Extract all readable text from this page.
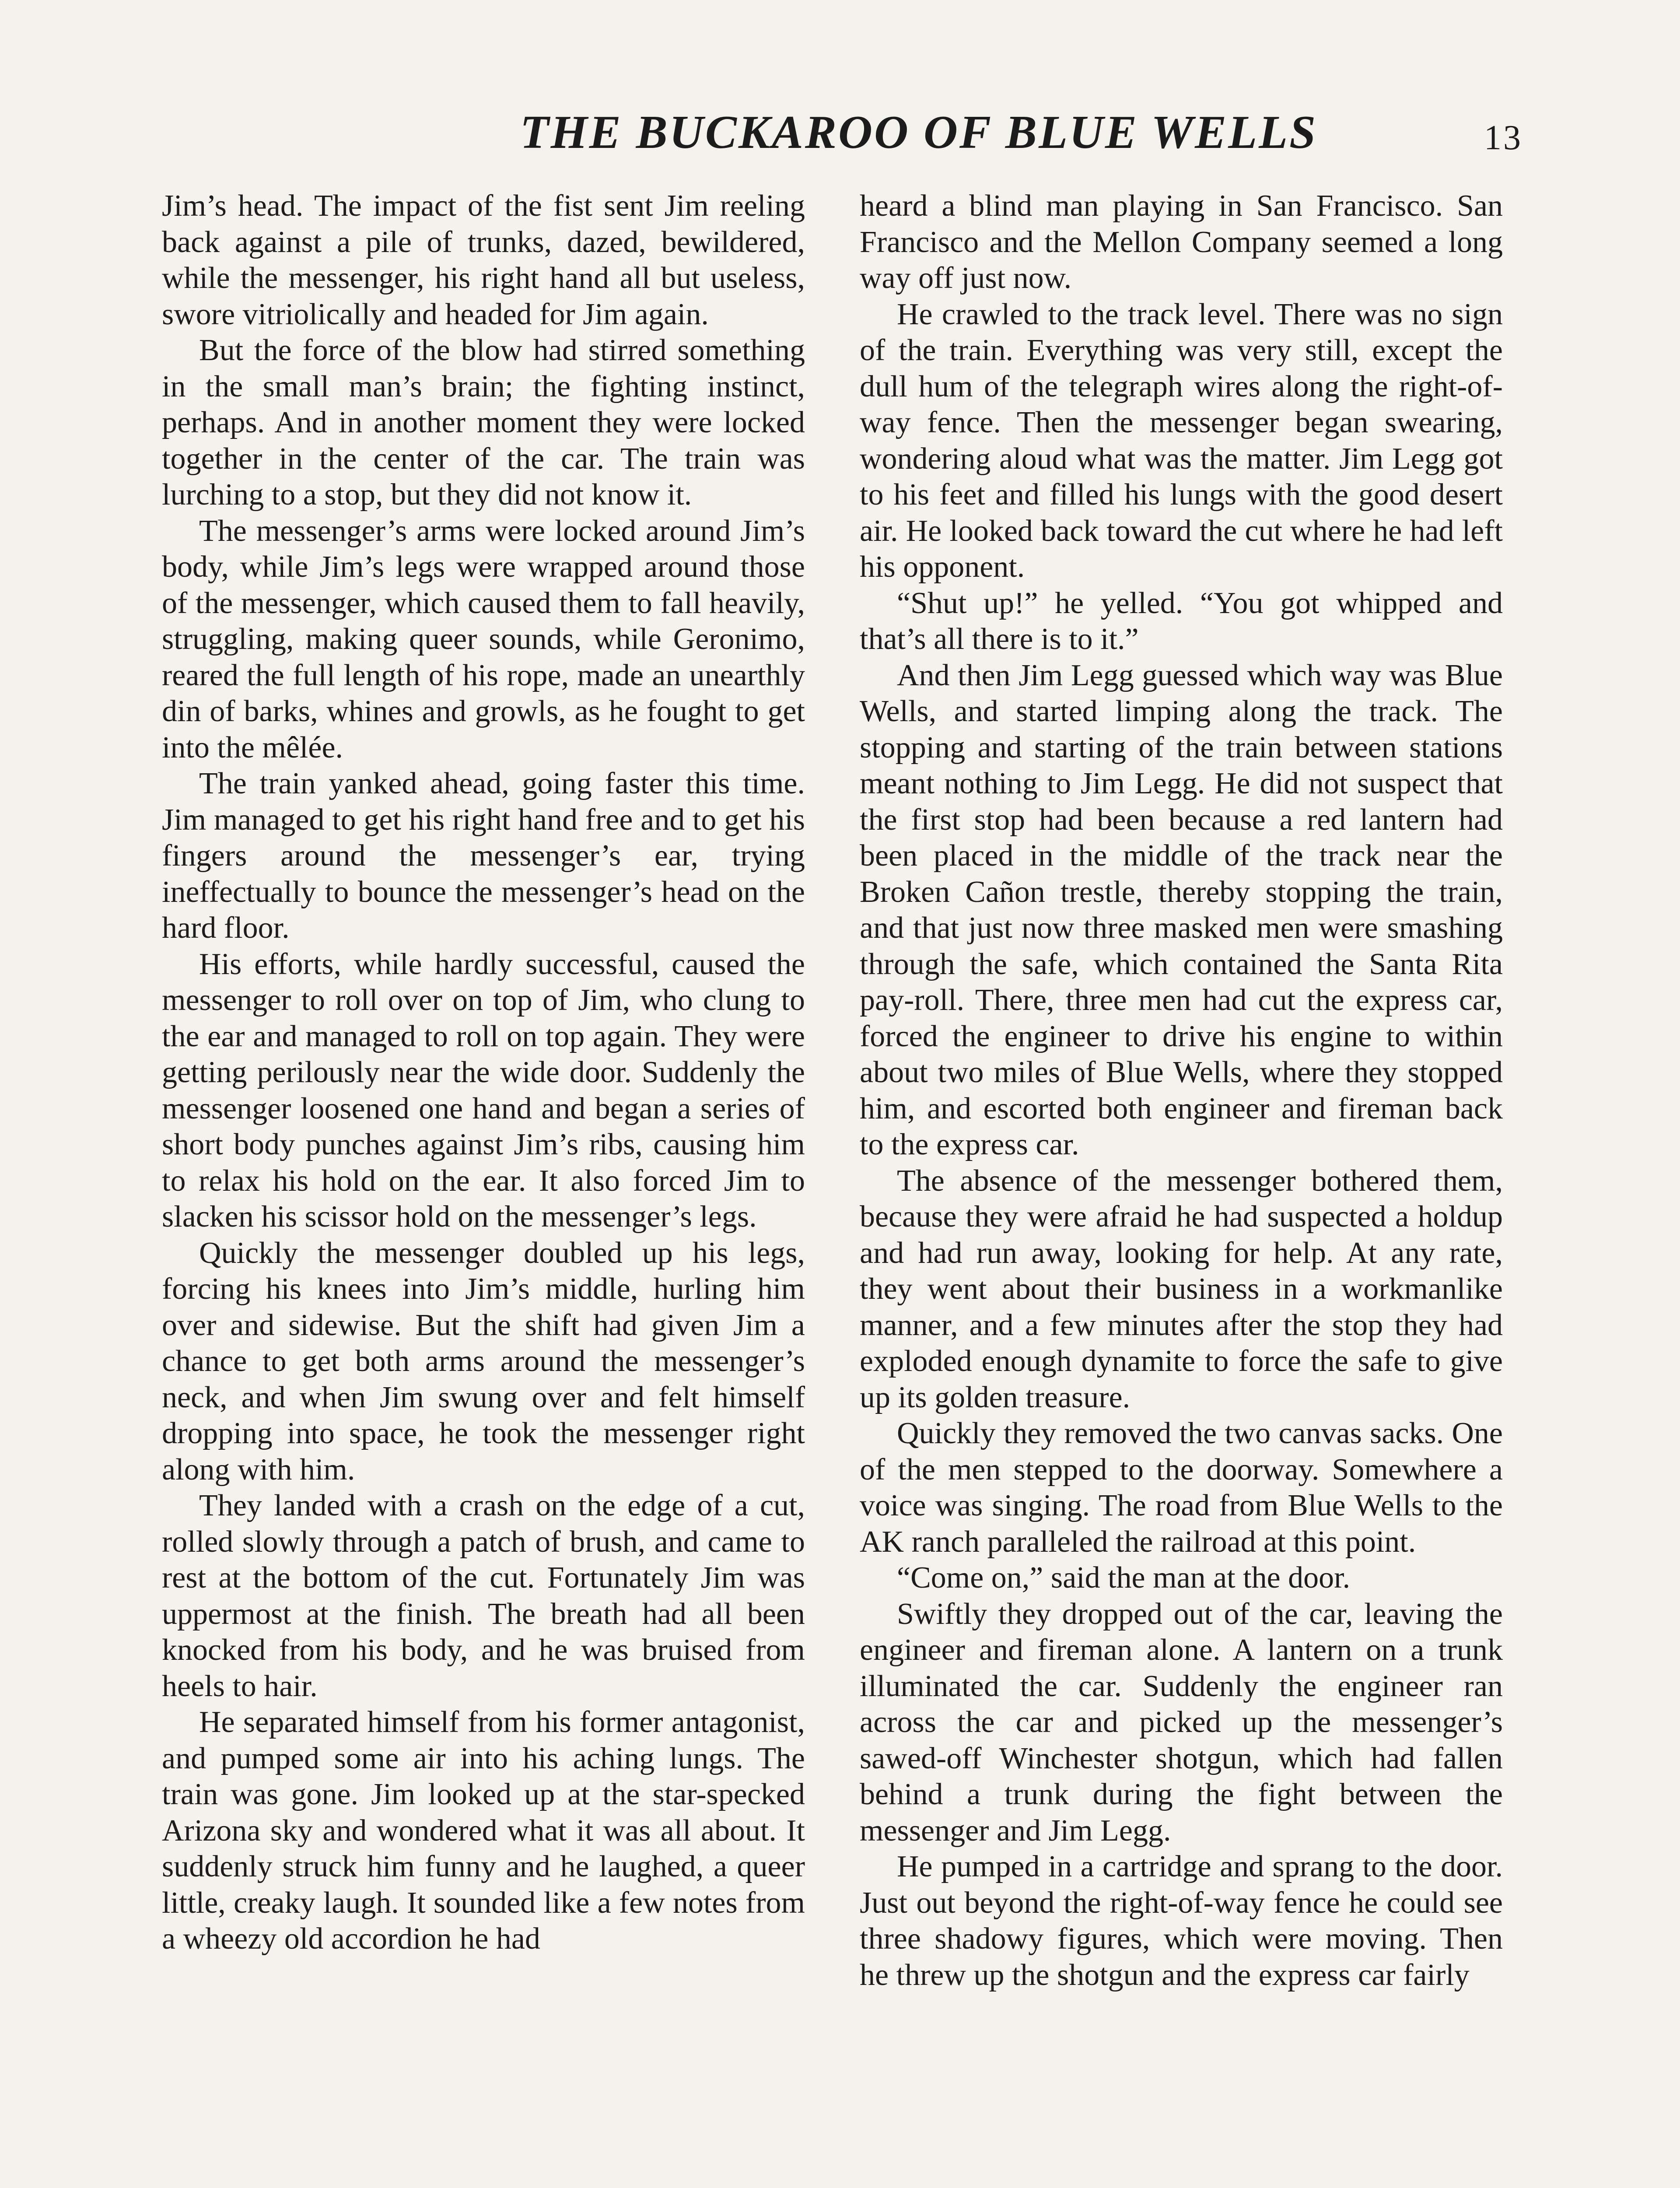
THE BUCKAROO OF BLUE WELLS	13

Jim’s head. The impact of the fist sent Jim reeling back against a pile of trunks, dazed, bewildered, while the messenger, his right hand all but useless, swore vitriolically and headed for Jim again.

But the force of the blow had stirred something in the small man’s brain; the fighting instinct, perhaps. And in another moment they were locked together in the center of the car. The train was lurching to a stop, but they did not know it.

The messenger’s arms were locked around Jim’s body, while Jim’s legs were wrapped around those of the messenger, which caused them to fall heavily, struggling, making queer sounds, while Geronimo, reared the full length of his rope, made an unearthly din of barks, whines and growls, as he fought to get into the mêlée.

The train yanked ahead, going faster this time. Jim managed to get his right hand free and to get his fingers around the messenger’s ear, trying ineffectually to bounce the messenger’s head on the hard floor.

His efforts, while hardly successful, caused the messenger to roll over on top of Jim, who clung to the ear and managed to roll on top again. They were getting perilously near the wide door. Suddenly the messenger loosened one hand and began a series of short body punches against Jim’s ribs, causing him to relax his hold on the ear. It also forced Jim to slacken his scissor hold on the messenger’s legs.

Quickly the messenger doubled up his legs, forcing his knees into Jim’s middle, hurling him over and sidewise. But the shift had given Jim a chance to get both arms around the messenger’s neck, and when Jim swung over and felt himself dropping into space, he took the messenger right along with him.

They landed with a crash on the edge of a cut, rolled slowly through a patch of brush, and came to rest at the bottom of the cut. Fortunately Jim was uppermost at the finish. The breath had all been knocked from his body, and he was bruised from heels to hair.

He separated himself from his former antagonist, and pumped some air into his aching lungs. The train was gone. Jim looked up at the star-specked Arizona sky and wondered what it was all about. It suddenly struck him funny and he laughed, a queer little, creaky laugh. It sounded like a few notes from a wheezy old accordion he had

heard a blind man playing in San Francisco. San Francisco and the Mellon Company seemed a long way off just now.

He crawled to the track level. There was no sign of the train. Everything was very still, except the dull hum of the telegraph wires along the right-of-way fence. Then the messenger began swearing, wondering aloud what was the matter. Jim Legg got to his feet and filled his lungs with the good desert air. He looked back toward the cut where he had left his opponent.

“Shut up!” he yelled. “You got whipped and that’s all there is to it.”

And then Jim Legg guessed which way was Blue Wells, and started limping along the track. The stopping and starting of the train between stations meant nothing to Jim Legg. He did not suspect that the first stop had been because a red lantern had been placed in the middle of the track near the Broken Cañon trestle, thereby stopping the train, and that just now three masked men were smashing through the safe, which contained the Santa Rita pay-roll. There, three men had cut the express car, forced the engineer to drive his engine to within about two miles of Blue Wells, where they stopped him, and escorted both engineer and fireman back to the express car.

The absence of the messenger bothered them, because they were afraid he had suspected a holdup and had run away, looking for help. At any rate, they went about their business in a workmanlike manner, and a few minutes after the stop they had exploded enough dynamite to force the safe to give up its golden treasure.

Quickly they removed the two canvas sacks. One of the men stepped to the doorway. Somewhere a voice was singing. The road from Blue Wells to the AK ranch paralleled the railroad at this point.

“Come on,” said the man at the door.

Swiftly they dropped out of the car, leaving the engineer and fireman alone. A lantern on a trunk illuminated the car. Suddenly the engineer ran across the car and picked up the messenger’s sawed-off Winchester shotgun, which had fallen behind a trunk during the fight between the messenger and Jim Legg.

He pumped in a cartridge and sprang to the door. Just out beyond the right-of-way fence he could see three shadowy figures, which were moving. Then he threw up the shotgun and the express car fairly
